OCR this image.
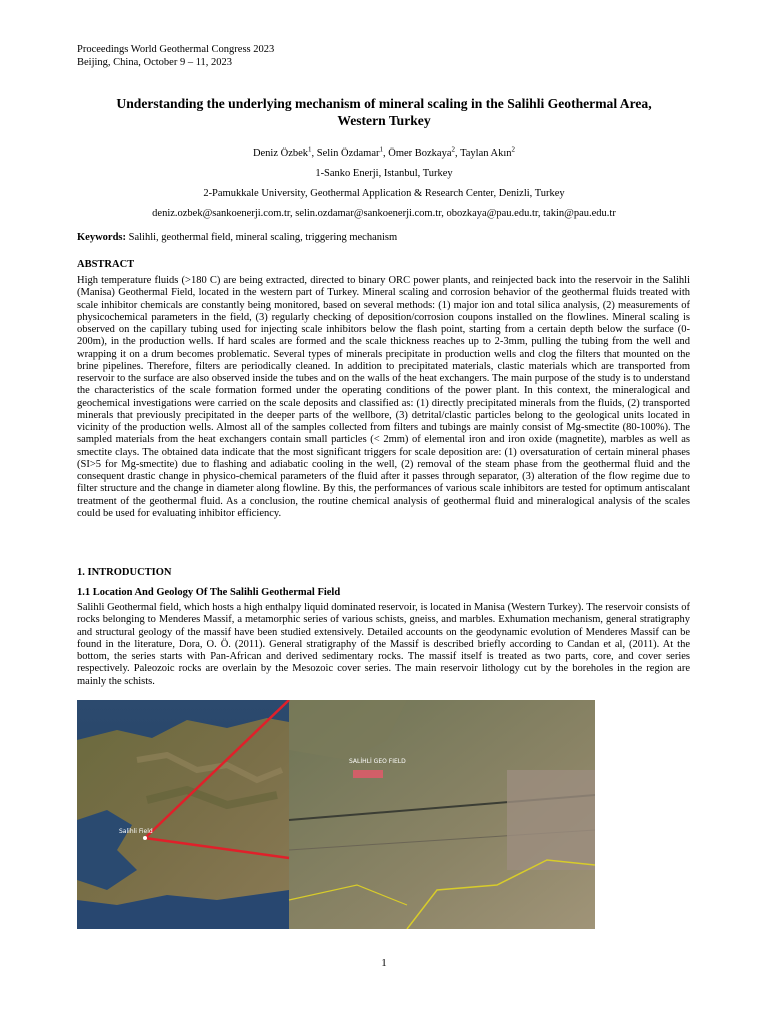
Proceedings World Geothermal Congress 2023
Beijing, China, October 9 – 11, 2023
Understanding the underlying mechanism of mineral scaling in the Salihli Geothermal Area,
Western Turkey
Deniz Özbek$^1$, Selin Özdamar$^1$, Ömer Bozkaya$^2$, Taylan Akın$^2$
1-Sanko Enerji, Istanbul, Turkey
2-Pamukkale University, Geothermal Application & Research Center, Denizli, Turkey
deniz.ozbek@sankoenerji.com.tr, selin.ozdamar@sankoenerji.com.tr, obozkaya@pau.edu.tr, takin@pau.edu.tr
Keywords: Salihli, geothermal field, mineral scaling, triggering mechanism
ABSTRACT
High temperature fluids (>180 C) are being extracted, directed to binary ORC power plants, and reinjected back into the reservoir in the Salihli (Manisa) Geothermal Field, located in the western part of Turkey. Mineral scaling and corrosion behavior of the geothermal fluids treated with scale inhibitor chemicals are constantly being monitored, based on several methods: (1) major ion and total silica analysis, (2) measurements of physicochemical parameters in the field, (3) regularly checking of deposition/corrosion coupons installed on the flowlines. Mineral scaling is observed on the capillary tubing used for injecting scale inhibitors below the flash point, starting from a certain depth below the surface (0-200m), in the production wells. If hard scales are formed and the scale thickness reaches up to 2-3mm, pulling the tubing from the well and wrapping it on a drum becomes problematic. Several types of minerals precipitate in production wells and clog the filters that mounted on the brine pipelines. Therefore, filters are periodically cleaned. In addition to precipitated materials, clastic materials which are transported from reservoir to the surface are also observed inside the tubes and on the walls of the heat exchangers. The main purpose of the study is to understand the characteristics of the scale formation formed under the operating conditions of the power plant. In this context, the mineralogical and geochemical investigations were carried on the scale deposits and classified as: (1) directly precipitated minerals from the fluids, (2) transported minerals that previously precipitated in the deeper parts of the wellbore, (3) detrital/clastic particles belong to the geological units located in vicinity of the production wells. Almost all of the samples collected from filters and tubings are mainly consist of Mg-smectite (80-100%). The sampled materials from the heat exchangers contain small particles (< 2mm) of elemental iron and iron oxide (magnetite), marbles as well as smectite clays. The obtained data indicate that the most significant triggers for scale deposition are: (1) oversaturation of certain mineral phases (SI>5 for Mg-smectite) due to flashing and adiabatic cooling in the well, (2) removal of the steam phase from the geothermal fluid and the consequent drastic change in physico-chemical parameters of the fluid after it passes through separator, (3) alteration of the flow regime due to filter structure and the change in diameter along flowline. By this, the performances of various scale inhibitors are tested for optimum antiscalant treatment of the geothermal fluid. As a conclusion, the routine chemical analysis of geothermal fluid and mineralogical analysis of the scales could be used for evaluating inhibitor efficiency.
1. INTRODUCTION
1.1 Location And Geology Of The Salihli Geothermal Field
Salihli Geothermal field, which hosts a high enthalpy liquid dominated reservoir, is located in Manisa (Western Turkey). The reservoir consists of rocks belonging to Menderes Massif, a metamorphic series of various schists, gneiss, and marbles. Exhumation mechanism, general stratigraphy and structural geology of the massif have been studied extensively. Detailed accounts on the geodynamic evolution of Menderes Massif can be found in the literature, Dora, O. Ö. (2011). General stratigraphy of the Massif is described briefly according to Candan et al, (2011). At the bottom, the series starts with Pan-African and derived sedimentary rocks. The massif itself is treated as two parts, core, and cover series respectively. Paleozoic rocks are overlain by the Mesozoic cover series. The main reservoir lithology cut by the boreholes in the region are mainly the schists.
SALİHLİ GEO FIELD
Salihli Field
1
